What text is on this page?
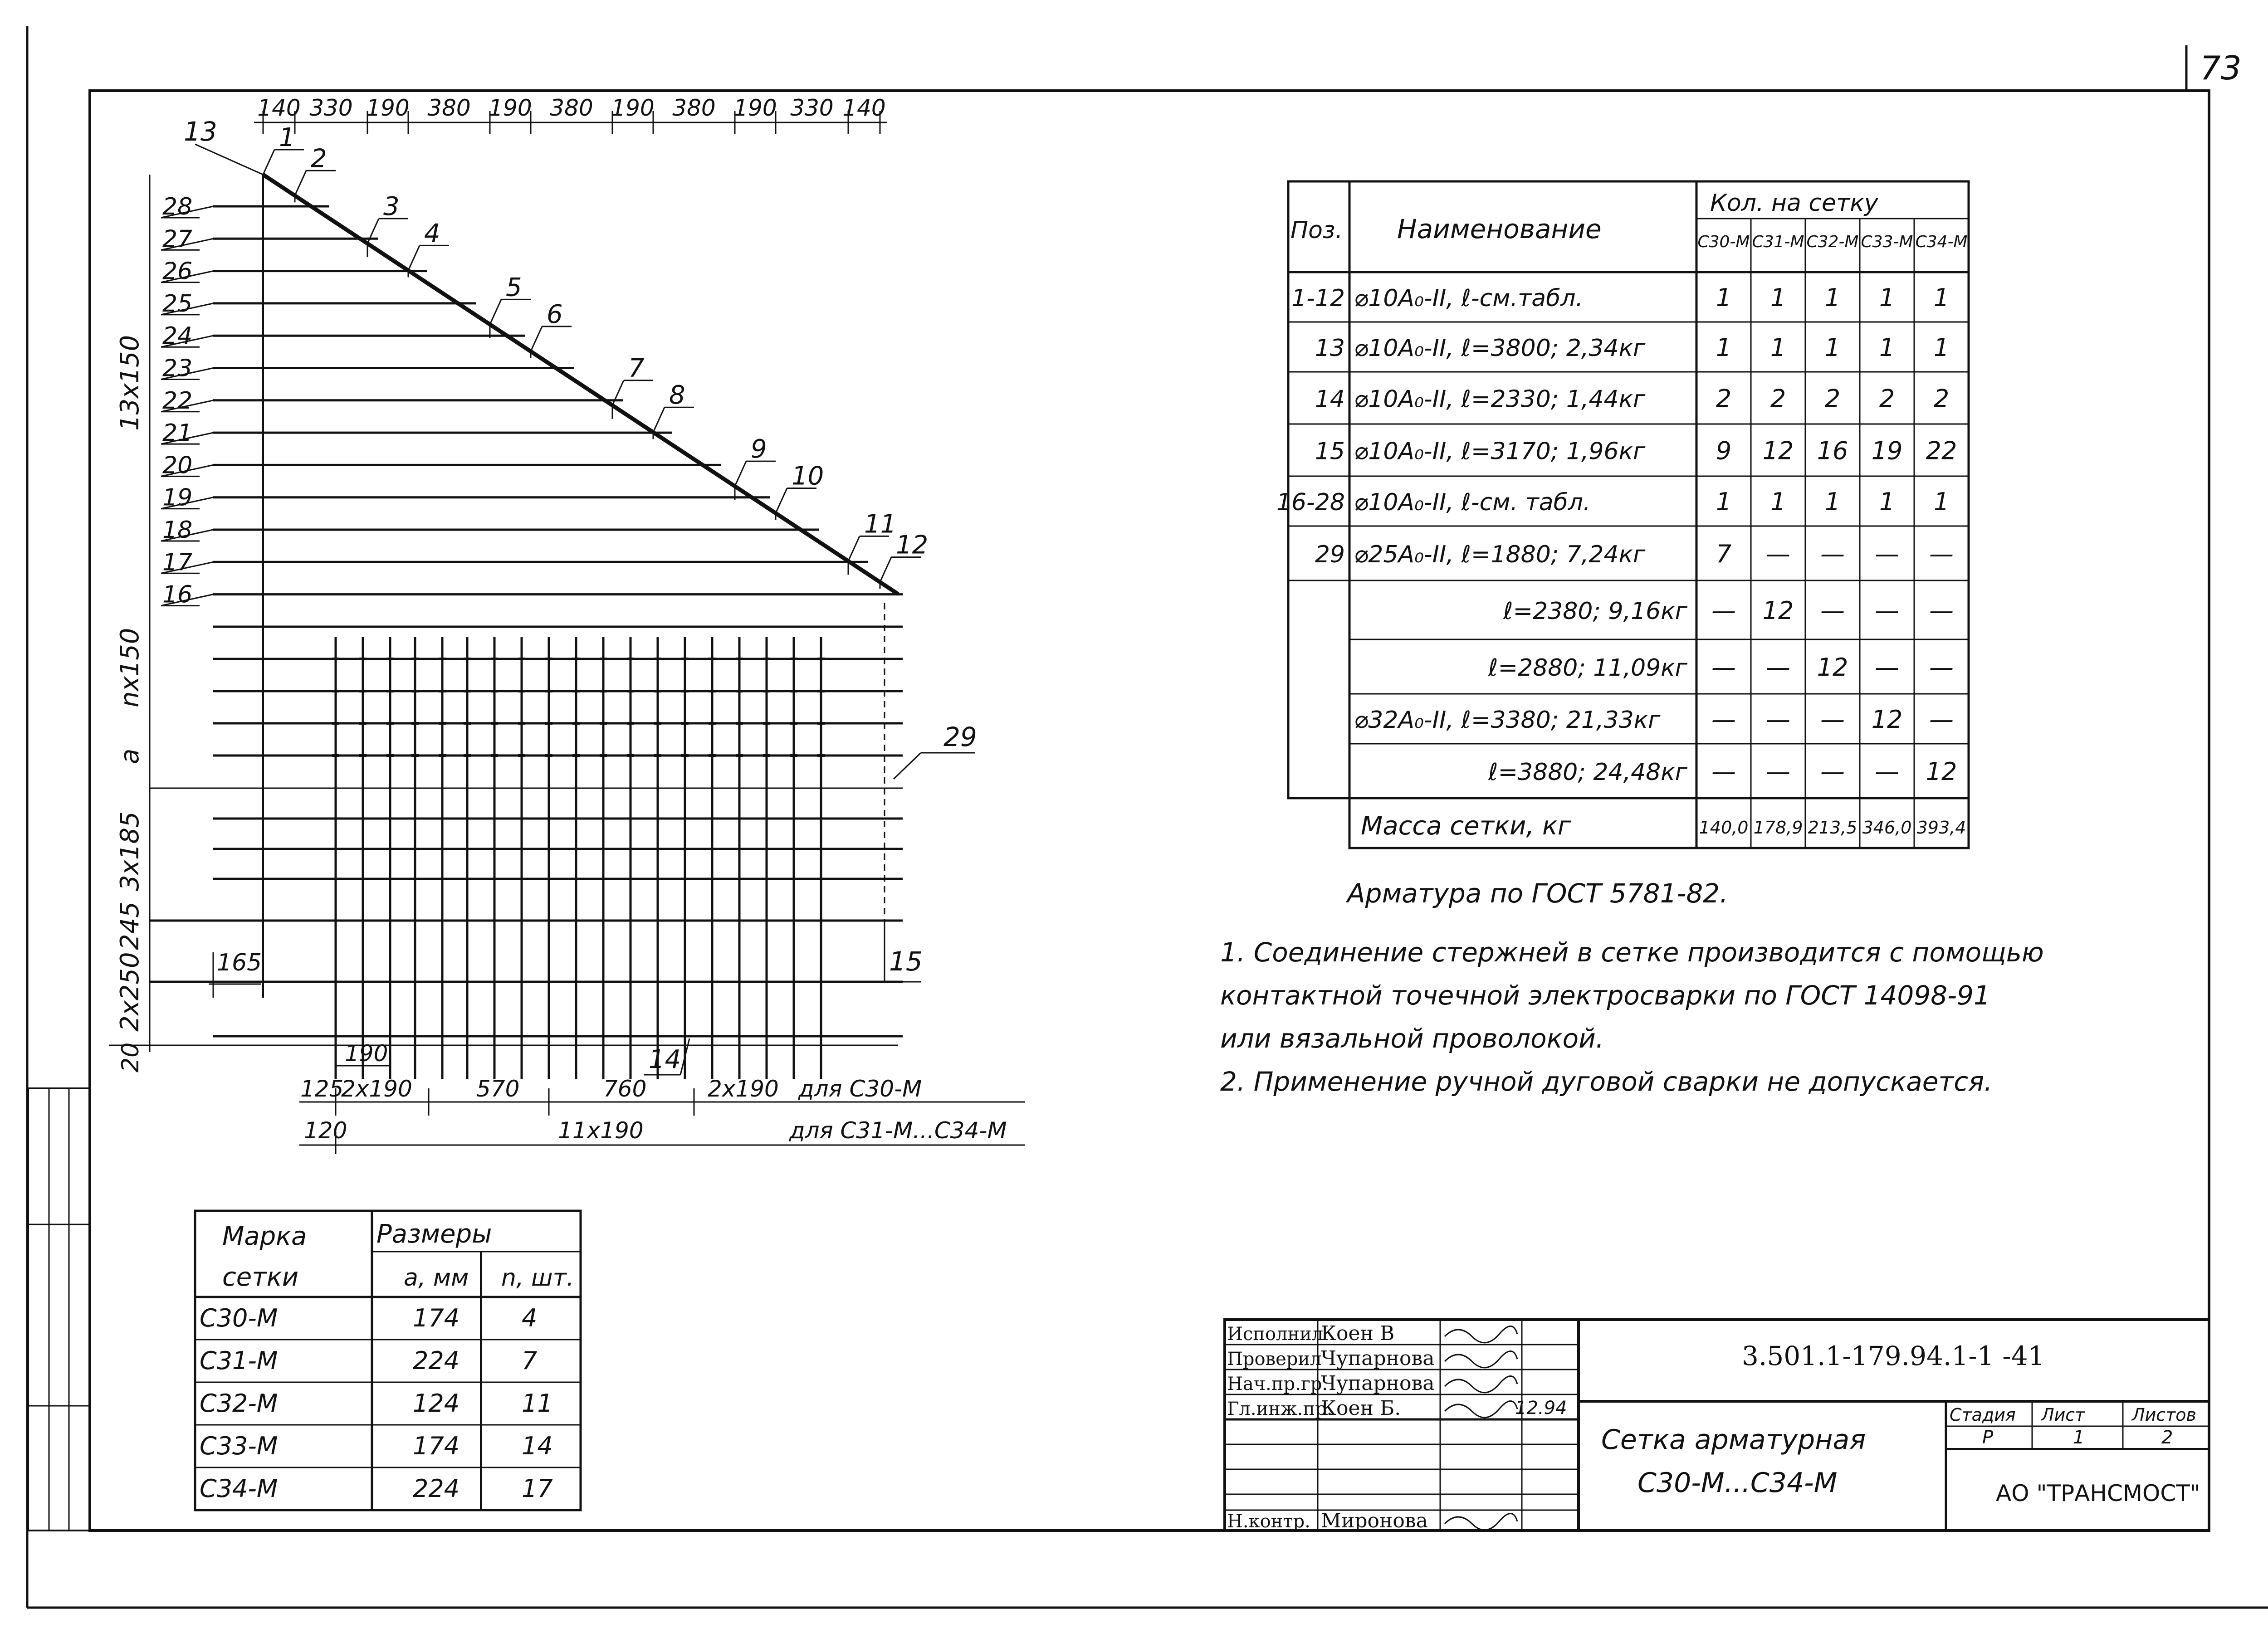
73
140 330 190 380 190 380 190 380 190 330 140
1
2
3
4
5
6
7
8
9
10
11
12
28
27
26
25
24
23
22
21
20
19
18
17
16
13
13x150
nx150
a
3x185
245
2x250
20
165
29
15
14
190
125
2x190	570	760	2x190 для С30-М
120	11x190	для С31-М...С34-М
Поз. Наименование
Кол. на сетку
С30-М С31-М С32-М С33-М С34-М
1-12 ⌀10А₀-II, ℓ-см.табл.	1 1 1 1 1
13 ⌀10А₀-II, ℓ=3800; 2,34кг	1 1 1 1 1
14 ⌀10А₀-II, ℓ=2330; 1,44кг	2 2 2 2 2
15 ⌀10А₀-II, ℓ=3170; 1,96кг	9 12 16 19 22
16-28 ⌀10А₀-II, ℓ-см. табл.	1 1 1 1 1
29 ⌀25А₀-II, ℓ=1880; 7,24кг	7 — — — —
ℓ=2380; 9,16кг — 12 — — —
ℓ=2880; 11,09кг — — 12 — —
⌀32А₀-II, ℓ=3380; 21,33кг — — — 12 —
ℓ=3880; 24,48кг — — — — 12
Масса сетки, кг	140,0 178,9 213,5 346,0 393,4
Арматура по ГОСТ 5781-82.
1. Соединение стержней в сетке производится с помощью
контактной точечной электросварки по ГОСТ 14098-91
или вязальной проволокой.
2. Применение ручной дуговой сварки не допускается.
Марка
сетки
Размеры
a, мм n, шт.
С30-М	174	4
С31-М	224	7
С32-М	124	11
С33-М	174	14
С34-М	224	17
Исполнил
Коен В
Проверил
Чупарнова
Нач.пр.гр.
Чупарнова
Гл.инж.пр.
Коен Б.
Н.контр. Миронова
12.94
3.501.1-179.94.1-1 -41
Сетка арматурная
С30-М...С34-М
Стадия Лист	Листов
Р	1	2
АО "ТРАНСМОСТ"
